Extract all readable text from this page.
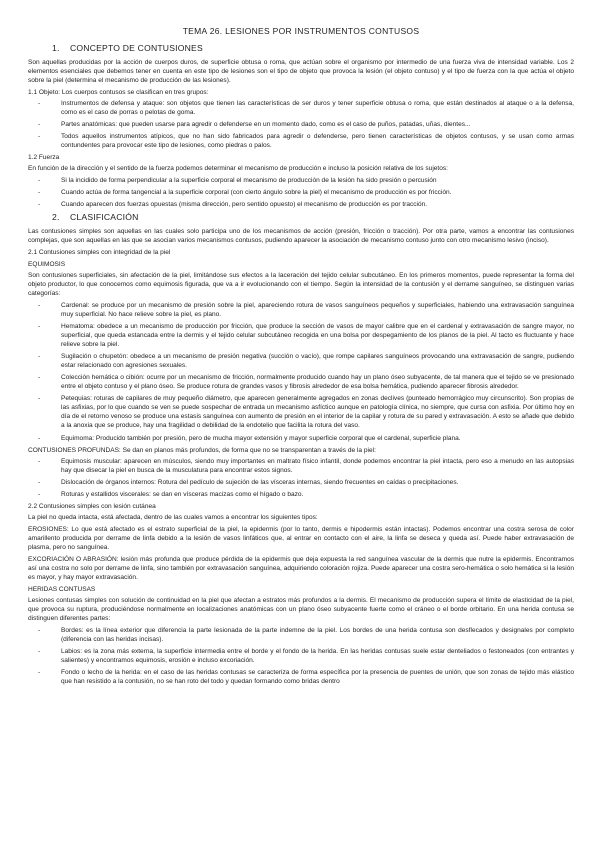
TEMA 26. LESIONES POR INSTRUMENTOS CONTUSOS
1. CONCEPTO DE CONTUSIONES

Son aquellas producidas por la acción de cuerpos duros, de superficie obtusa o roma, que actúan sobre el organismo por intermedio de una fuerza viva de intensidad variable. Los 2 elementos esenciales que debemos tener en cuenta en este tipo de lesiones son el tipo de objeto que provoca la lesión (el objeto contuso) y el tipo de fuerza con la que actúa el objeto sobre la piel (determina el mecanismo de producción de las lesiones).

1.1 Objeto: Los cuerpos contusos se clasifican en tres grupos:
- Instrumentos de defensa y ataque: son objetos que tienen las características de ser duros y tener superficie obtusa o roma, que están destinados al ataque o a la defensa, como es el caso de porras o pelotas de goma.
- Partes anatómicas: que pueden usarse para agredir o defenderse en un momento dado, como es el caso de puños, patadas, uñas, dientes...
- Todos aquellos instrumentos atípicos, que no han sido fabricados para agredir o defenderse, pero tienen características de objetos contusos, y se usan como armas contundentes para provocar este tipo de lesiones, como piedras o palos.
1.2 Fuerza

En función de la dirección y el sentido de la fuerza podemos determinar el mecanismo de producción e incluso la posición relativa de los sujetos:

- Si la incidido de forma perpendicular a la superficie corporal el mecanismo de producción de la lesión ha sido presión o percusión
- Cuando actúa de forma tangencial a la superficie corporal (con cierto ángulo sobre la piel) el mecanismo de producción es por fricción.
- Cuando aparecen dos fuerzas opuestas (misma dirección, pero sentido opuesto) el mecanismo de producción es por tracción.
2. CLASIFICACIÓN

Las contusiones simples son aquellas en las cuales solo participa uno de los mecanismos de acción (presión, fricción o tracción). Por otra parte, vamos a encontrar las contusiones complejas, que son aquellas en las que se asocian varios mecanismos contusos, pudiendo aparecer la asociación de mecanismo contuso junto con otro mecanismo lesivo (inciso).

2.1 Contusiones simples con integridad de la piel
EQUIMOSIS

Son contusiones superficiales, sin afectación de la piel, limitándose sus efectos a la laceración del tejido celular subcutáneo. En los primeros momentos, puede representar la forma del objeto productor, lo que conocemos como equimosis figurada, que va a ir evolucionando con el tiempo. Según la intensidad de la contusión y el derrame sanguíneo, se distinguen varias categorías:

- Cardenal: se produce por un mecanismo de presión sobre la piel, apareciendo rotura de vasos sanguíneos pequeños y superficiales, habiendo una extravasación sanguínea muy superficial. No hace relieve sobre la piel, es plano.
- Hematoma: obedece a un mecanismo de producción por fricción, que produce la sección de vasos de mayor calibre que en el cardenal y extravasación de sangre mayor, no superficial, que queda estancada entre la dermis y el tejido celular subcutáneo recogida en una bolsa por despegamiento de los planos de la piel. Al tacto es fluctuante y hace relieve sobre la piel.
- Sugilación o chupetón: obedece a un mecanismo de presión negativa (succión o vacío), que rompe capilares sanguíneos provocando una extravasación de sangre, pudiendo estar relacionado con agresiones sexuales.
- Colección hemática o cibión: ocurre por un mecanismo de fricción, normalmente producido cuando hay un plano óseo subyacente, de tal manera que el tejido se ve presionado entre el objeto contuso y el plano óseo. Se produce rotura de grandes vasos y fibrosis alrededor de esa bolsa hemática, pudiendo aparecer fibrosis alrededor.
- Petequias: roturas de capilares de muy pequeño diámetro, que aparecen generalmente agregados en zonas declives (punteado hemorrágico muy circunscrito). Son propias de las asfixias, por lo que cuando se ven se puede sospechar de entrada un mecanismo asfíctico aunque en patología clínica, no siempre, que cursa con asfixia. Por último hoy en día de el retorno venoso se produce una estasis sanguínea con aumento de presión en el interior de la capilar y rotura de su pared y extravasación. A esto se añade que debido a la anoxia que se produce, hay una fragilidad o debilidad de la endotelio que facilita la rotura del vaso.
- Equimoma: Producido también por presión, pero de mucha mayor extensión y mayor superficie corporal que el cardenal, superficie plana.
CONTUSIONES PROFUNDAS: Se dan en planos más profundos, de forma que no se transparentan a través de la piel:
- Equimosis muscular: aparecen en músculos, siendo muy importantes en maltrato físico infantil, donde podemos encontrar la piel intacta, pero eso a menudo en las autopsias hay que disecar la piel en busca de la musculatura para encontrar estos signos.
- Dislocación de órganos internos: Rotura del pedículo de sujeción de las vísceras internas, siendo frecuentes en caídas o precipitaciones.
- Roturas y estallidos viscerales: se dan en vísceras macizas como el hígado o bazo.
2.2 Contusiones simples con lesión cutánea

La piel no queda intacta, está afectada, dentro de las cuales vamos a encontrar los siguientes tipos:

EROSIONES: Lo que está afectado es el estrato superficial de la piel, la epidermis (por lo tanto, dermis e hipodermis están intactas). Podemos encontrar una costra serosa de color amarillento producida por derrame de linfa debido a la lesión de vasos linfáticos que, al entrar en contacto con el aire, la linfa se deseca y queda así. Puede haber extravasación de plasma, pero no sanguínea.

EXCORIACIÓN O ABRASIÓN: lesión más profunda que produce pérdida de la epidermis que deja expuesta la red sanguínea vascular de la dermis que nutre la epidermis. Encontramos así una costra no solo por derrame de linfa, sino también por extravasación sanguínea, adquiriendo coloración rojiza. Puede aparecer una costra sero-hemática o solo hemática si la lesión es mayor, y hay mayor extravasación.

HERIDAS CONTUSAS

Lesiones contusas simples con solución de continuidad en la piel que afectan a estratos más profundos a la dermis. El mecanismo de producción supera el límite de elasticidad de la piel, que provoca su ruptura, produciéndose normalmente en localizaciones anatómicas con un plano óseo subyacente fuerte como el cráneo o el borde orbitario. En una herida contusa se distinguen diferentes partes:

- Bordes: es la línea exterior que diferencia la parte lesionada de la parte indemne de la piel. Los bordes de una herida contusa son desflecados y designales por completo (diferencia con las heridas incisas).
- Labios: es la zona más externa, la superficie intermedia entre el borde y el fondo de la herida. En las heridas contusas suele estar denteliados o festoneados (con entrantes y salientes) y encontramos equimosis, erosión e incluso excoriación.
- Fondo o lecho de la herida: en el caso de las heridas contusas se caracteriza de forma específica por la presencia de puentes de unión, que son zonas de tejido más elástico que han resistido a la contusión, no se han roto del todo y quedan formando como bridas dentro
